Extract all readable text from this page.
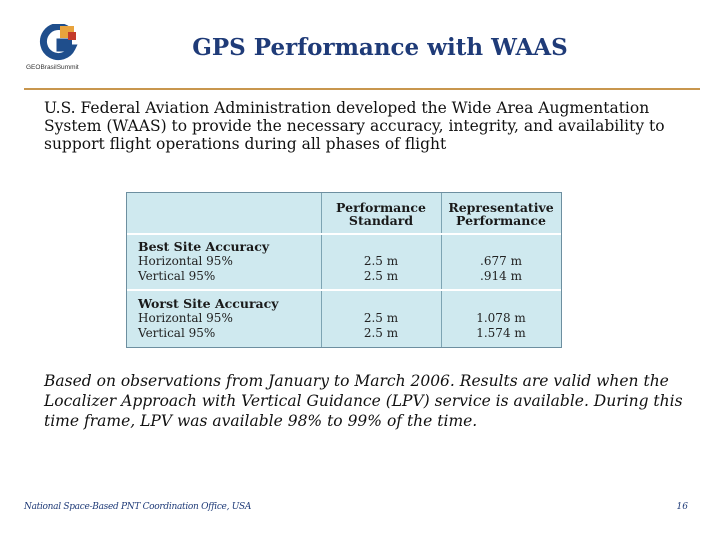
GEOBrasilSummit
GPS Performance with WAAS
U.S. Federal Aviation Administration developed the Wide Area Augmentation System (WAAS) to provide the necessary accuracy, integrity, and availability to support flight operations during all phases of flight
Performance Standard
Representative Performance
Best Site Accuracy
Horizontal 95%
Vertical 95%
2.5 m
2.5 m
.677 m
.914 m
Worst Site Accuracy
Horizontal 95%
Vertical 95%
2.5 m
2.5 m
1.078 m
1.574 m
Based on observations from January to March 2006. Results are valid when the Localizer Approach with Vertical Guidance (LPV) service is available. During this time frame, LPV was available 98% to 99% of the time.
National Space-Based PNT Coordination Office, USA	16
